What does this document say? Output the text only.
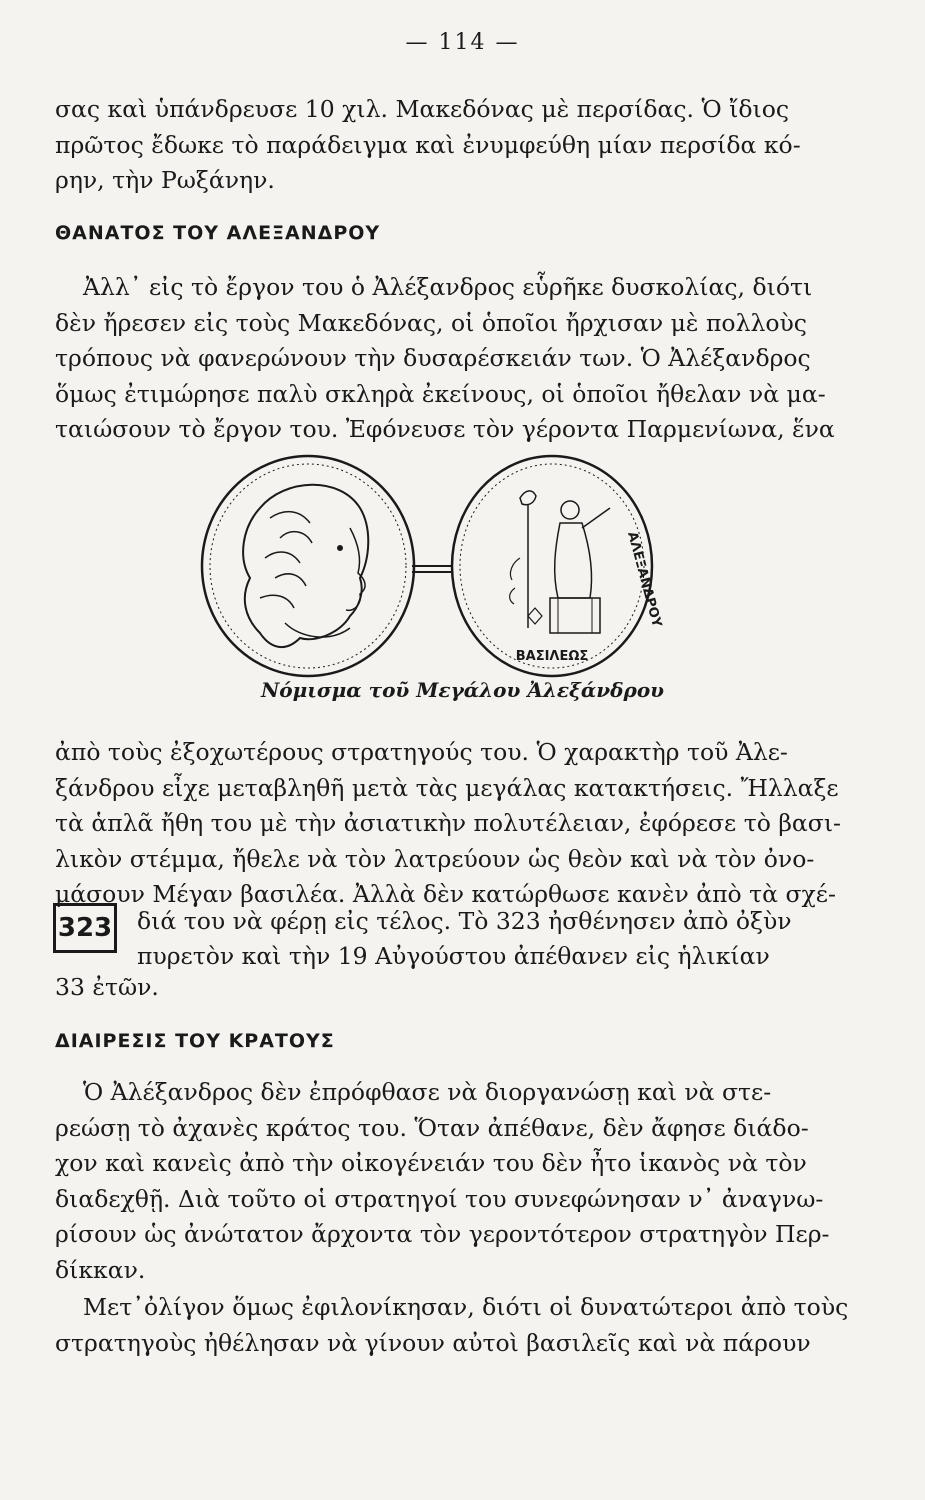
— 114 —
σας καὶ ὑπάνδρευσε 10 χιλ. Μακεδόνας μὲ περσίδας. Ὁ ἴδιος
πρῶτος ἔδωκε τὸ παράδειγμα καὶ ἐνυμφεύθη μίαν περσίδα κό-
ρην, τὴν Ρωξάνην.
ΘΑΝΑΤΟΣ ΤΟΥ ΑΛΕΞΑΝΔΡΟΥ
Ἀλλ᾽ εἰς τὸ ἔργον του ὁ Ἀλέξανδρος εὗρῆκε δυσκολίας, διότι
δὲν ἤρεσεν εἰς τοὺς Μακεδόνας, οἱ ὁποῖοι ἤρχισαν μὲ πολλοὺς
τρόπους νὰ φανερώνουν τὴν δυσαρέσκειάν των. Ὁ Ἀλέξανδρος
ὅμως ἐτιμώρησε παλὺ σκληρὰ ἐκείνους, οἱ ὁποῖοι ἤθελαν νὰ μα-
ταιώσουν τὸ ἔργον του. Ἐφόνευσε τὸν γέροντα Παρμενίωνα, ἕνα
ΑΛΕΞΑΝΔΡΟΥ
ΒΑΣΙΛΕΩΣ
Νόμισμα τοῦ Μεγάλου Ἀλεξάνδρου
ἀπὸ τοὺς ἐξοχωτέρους στρατηγούς του. Ὁ χαρακτὴρ τοῦ Ἀλε-
ξάνδρου εἶχε μεταβληθῆ μετὰ τὰς μεγάλας κατακτήσεις. Ἤλλαξε
τὰ ἁπλᾶ ἤθη του μὲ τὴν ἀσιατικὴν πολυτέλειαν, ἐφόρεσε τὸ βασι-
λικὸν στέμμα, ἤθελε νὰ τὸν λατρεύουν ὡς θεὸν καὶ νὰ τὸν ὀνο-
μάσουν Μέγαν βασιλέα. Ἀλλὰ δὲν κατώρθωσε κανὲν ἀπὸ τὰ σχέ-
323 διά του νὰ φέρῃ εἰς τέλος. Τὸ 323 ἠσθένησεν ἀπὸ ὀξὺν
πυρετὸν καὶ τὴν 19 Αὐγούστου ἀπέθανεν εἰς ἡλικίαν
33 ἐτῶν.
ΔΙΑΙΡΕΣΙΣ ΤΟΥ ΚΡΑΤΟΥΣ
Ὁ Ἀλέξανδρος δὲν ἐπρόφθασε νὰ διοργανώσῃ καὶ νὰ στε-
ρεώσῃ τὸ ἀχανὲς κράτος του. Ὅταν ἀπέθανε, δὲν ἄφησε διάδο-
χον καὶ κανεὶς ἀπὸ τὴν οἰκογένειάν του δὲν ἦτο ἱκανὸς νὰ τὸν
διαδεχθῇ. Διὰ τοῦτο οἱ στρατηγοί του συνεφώνησαν ν᾽ ἀναγνω-
ρίσουν ὡς ἀνώτατον ἄρχοντα τὸν γεροντότερον στρατηγὸν Περ-
δίκκαν.
Μετ᾽ὀλίγον ὅμως ἐφιλονίκησαν, διότι οἱ δυνατώτεροι ἀπὸ τοὺς
στρατηγοὺς ἠθέλησαν νὰ γίνουν αὐτοὶ βασιλεῖς καὶ νὰ πάρουν
